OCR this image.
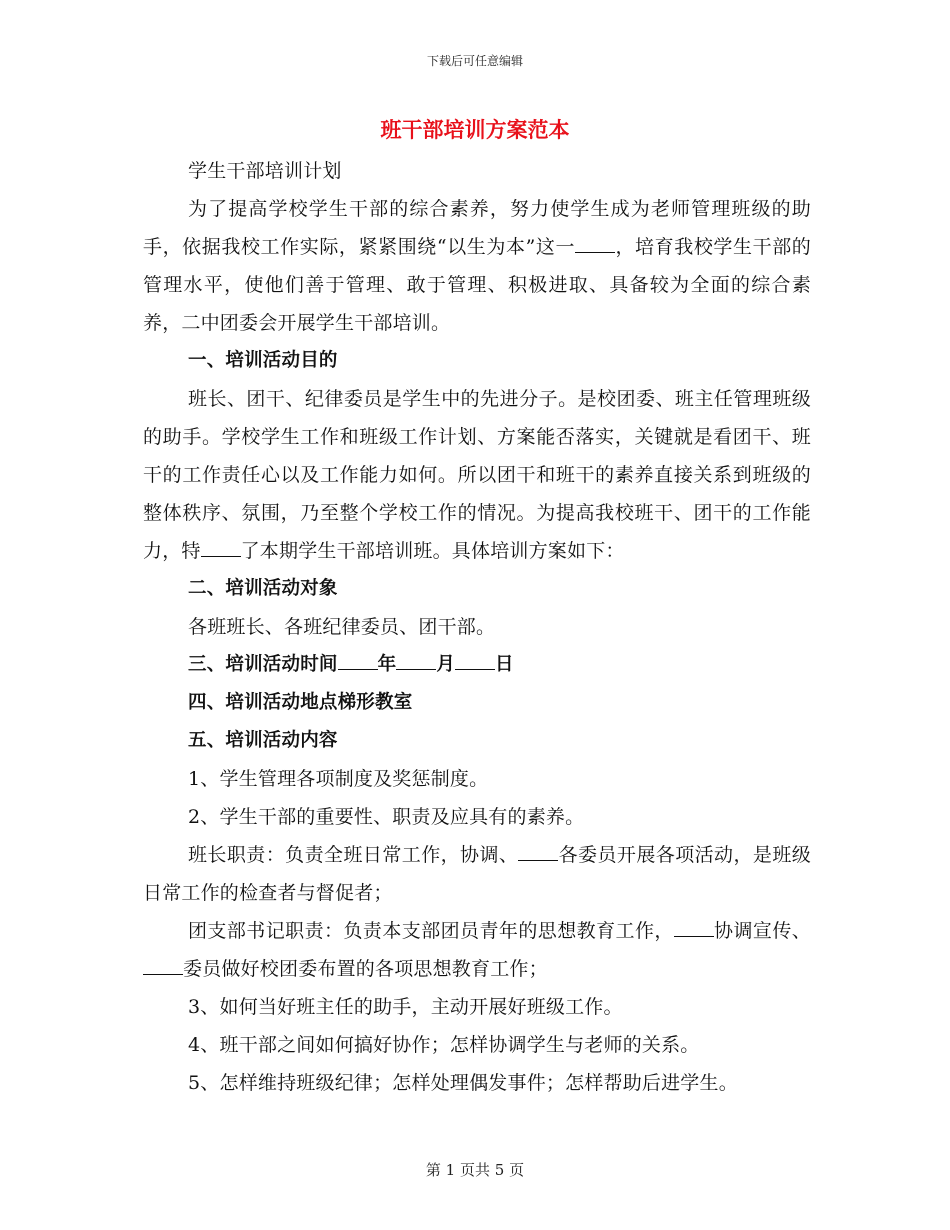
下载后可任意编辑
班干部培训方案范本

学生干部培训计划

为了提高学校学生干部的综合素养，努力使学生成为老师管理班级的助手，依据我校工作实际，紧紧围绕“以生为本”这一 ，培育我校学生干部的管理水平，使他们善于管理、敢于管理、积极进取、具备较为全面的综合素养，二中团委会开展学生干部培训。

一、培训活动目的

班长、团干、纪律委员是学生中的先进分子。是校团委、班主任管理班级的助手。学校学生工作和班级工作计划、方案能否落实，关键就是看团干、班干的工作责任心以及工作能力如何。所以团干和班干的素养直接关系到班级的整体秩序、氛围，乃至整个学校工作的情况。为提高我校班干、团干的工作能力，特 了本期学生干部培训班。具体培训方案如下：

二、培训活动对象

各班班长、各班纪律委员、团干部。

三、培训活动时间 年 月 日

四、培训活动地点梯形教室

五、培训活动内容

1、学生管理各项制度及奖惩制度。

2、学生干部的重要性、职责及应具有的素养。

班长职责：负责全班日常工作，协调、 各委员开展各项活动，是班级日常工作的检查者与督促者；

团支部书记职责：负责本支部团员青年的思想教育工作， 协调宣传、委员做好校团委布置的各项思想教育工作；

3、如何当好班主任的助手，主动开展好班级工作。

4、班干部之间如何搞好协作；怎样协调学生与老师的关系。

5、怎样维持班级纪律；怎样处理偶发事件；怎样帮助后进学生。

第 1 页共 5 页
